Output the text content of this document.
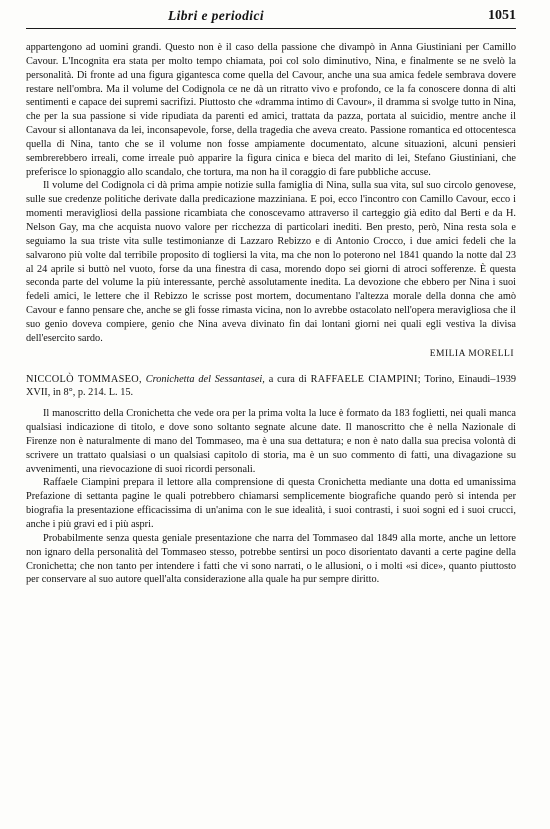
Libri e periodici	1051

appartengono ad uomini grandi. Questo non è il caso della passione che divampò in Anna Giustiniani per Camillo Cavour. L'Incognita era stata per molto tempo chiamata, poi col solo diminutivo, Nina, e finalmente se ne svelò la personalità. Di fronte ad una figura gigantesca come quella del Cavour, anche una sua amica fedele sembrava dovere restare nell'ombra. Ma il volume del Codignola ce ne dà un ritratto vivo e profondo, ce la fa conoscere donna di alti sentimenti e capace dei supremi sacrifizi. Piuttosto che «dramma intimo di Cavour», il dramma si svolge tutto in Nina, che per la sua passione si vide ripudiata da parenti ed amici, trattata da pazza, portata al suicidio, mentre anche il Cavour si allontanava da lei, inconsapevole, forse, della tragedia che aveva creato. Passione romantica ed ottocentesca quella di Nina, tanto che se il volume non fosse ampiamente documentato, alcune situazioni, alcuni pensieri sembrerebbero irreali, come irreale può apparire la figura cinica e bieca del marito di lei, Stefano Giustiniani, che preferisce lo spionaggio allo scandalo, che tortura, ma non ha il coraggio di fare pubbliche accuse.

Il volume del Codignola ci dà prima ampie notizie sulla famiglia di Nina, sulla sua vita, sul suo circolo genovese, sulle sue credenze politiche derivate dalla predicazione mazziniana. E poi, ecco l'incontro con Camillo Cavour, ecco i momenti meravigliosi della passione ricambiata che conoscevamo attraverso il carteggio già edito dal Berti e da H. Nelson Gay, ma che acquista nuovo valore per ricchezza di particolari inediti. Ben presto, però, Nina resta sola e seguiamo la sua triste vita sulle testimonianze di Lazzaro Rebizzo e di Antonio Crocco, i due amici fedeli che la salvarono più volte dal terribile proposito di togliersi la vita, ma che non lo poterono nel 1841 quando la notte dal 23 al 24 aprile si buttò nel vuoto, forse da una finestra di casa, morendo dopo sei giorni di atroci sofferenze. È questa seconda parte del volume la più interessante, perchè assolutamente inedita. La devozione che ebbero per Nina i suoi fedeli amici, le lettere che il Rebizzo le scrisse post mortem, documentano l'altezza morale della donna che amò Cavour e fanno pensare che, anche se gli fosse rimasta vicina, non lo avrebbe ostacolato nell'opera meravigliosa che il suo genio doveva compiere, genio che Nina aveva divinato fin dai lontani giorni nei quali egli vestiva la divisa dell'esercito sardo.

EMILIA MORELLI

NICCOLÒ TOMMASEO, Cronichetta del Sessantasei, a cura di RAFFAELE CIAMPINI; Torino, Einaudi–1939 XVII, in 8°, p. 214. L. 15.

Il manoscritto della Cronichetta che vede ora per la prima volta la luce è formato da 183 foglietti, nei quali manca qualsiasi indicazione di titolo, e dove sono soltanto segnate alcune date. Il manoscritto che è nella Nazionale di Firenze non è naturalmente di mano del Tommaseo, ma è una sua dettatura; e non è nato dalla sua precisa volontà di scrivere un trattato qualsiasi o un qualsiasi capitolo di storia, ma è un suo commento di fatti, una divagazione su avvenimenti, una rievocazione di suoi ricordi personali.

Raffaele Ciampini prepara il lettore alla comprensione di questa Cronichetta mediante una dotta ed umanissima Prefazione di settanta pagine le quali potrebbero chiamarsi semplicemente biografiche quando però si intenda per biografia la presentazione efficacissima di un'anima con le sue idealità, i suoi contrasti, i suoi sogni ed i suoi crucci, anche i più gravi ed i più aspri.

Probabilmente senza questa geniale presentazione che narra del Tommaseo dal 1849 alla morte, anche un lettore non ignaro della personalità del Tommaseo stesso, potrebbe sentirsi un poco disorientato davanti a certe pagine della Cronichetta; che non tanto per intendere i fatti che vi sono narrati, o le allusioni, o i molti «si dice», quanto piuttosto per conservare al suo autore quell'alta considerazione alla quale ha pur sempre diritto.
